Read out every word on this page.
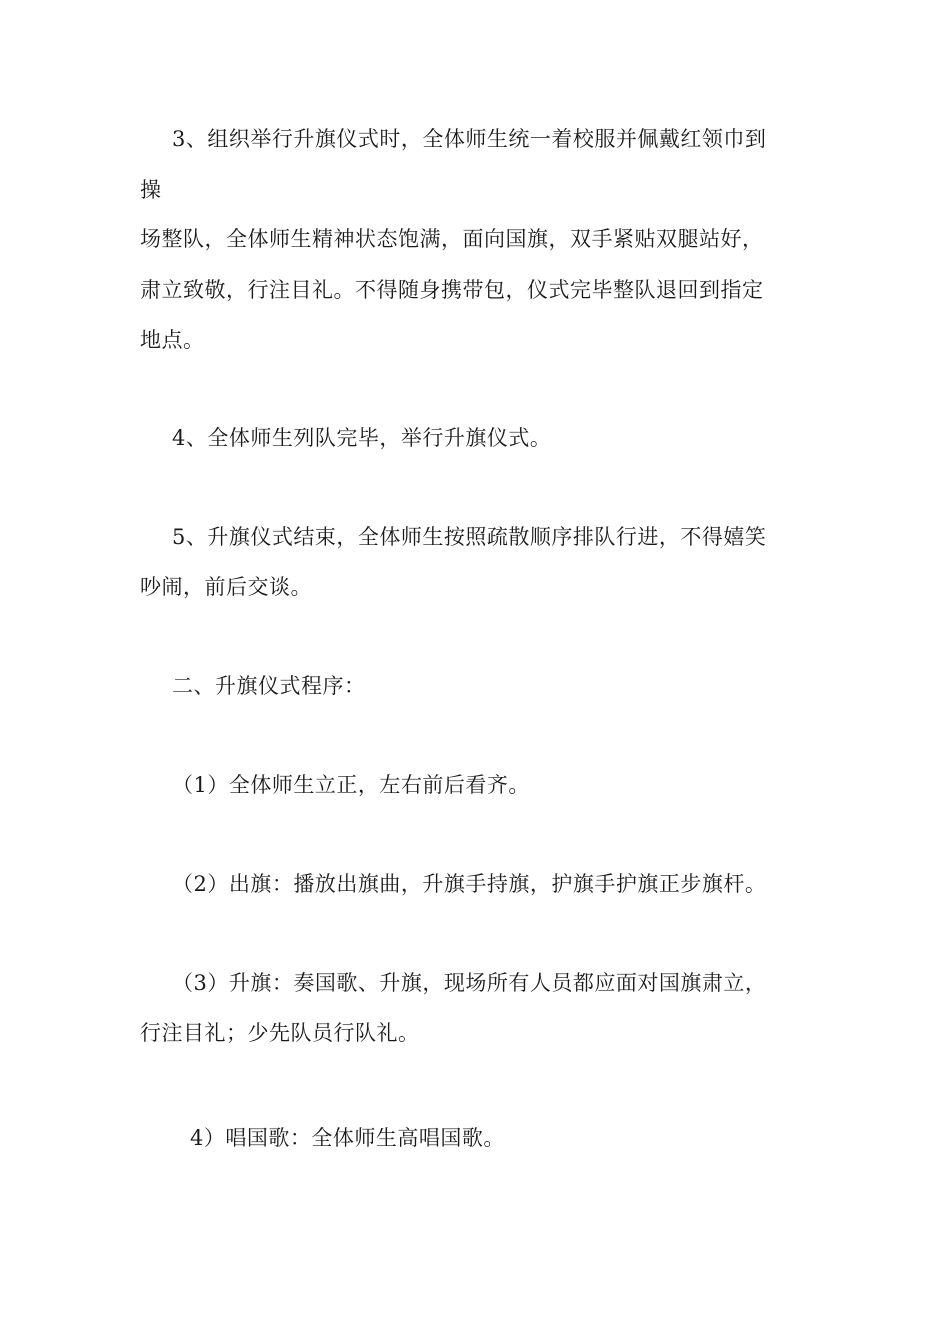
3、组织举行升旗仪式时，全体师生统一着校服并佩戴红领巾到
操
场整队，全体师生精神状态饱满，面向国旗，双手紧贴双腿站好，
肃立致敬，行注目礼。不得随身携带包，仪式完毕整队退回到指定
地点。
4、全体师生列队完毕，举行升旗仪式。
5、升旗仪式结束，全体师生按照疏散顺序排队行进，不得嬉笑
吵闹，前后交谈。
二、升旗仪式程序：
（1）全体师生立正，左右前后看齐。
（2）出旗：播放出旗曲，升旗手持旗，护旗手护旗正步旗杆。
（3）升旗：奏国歌、升旗，现场所有人员都应面对国旗肃立，
行注目礼；少先队员行队礼。
4）唱国歌：全体师生高唱国歌。
